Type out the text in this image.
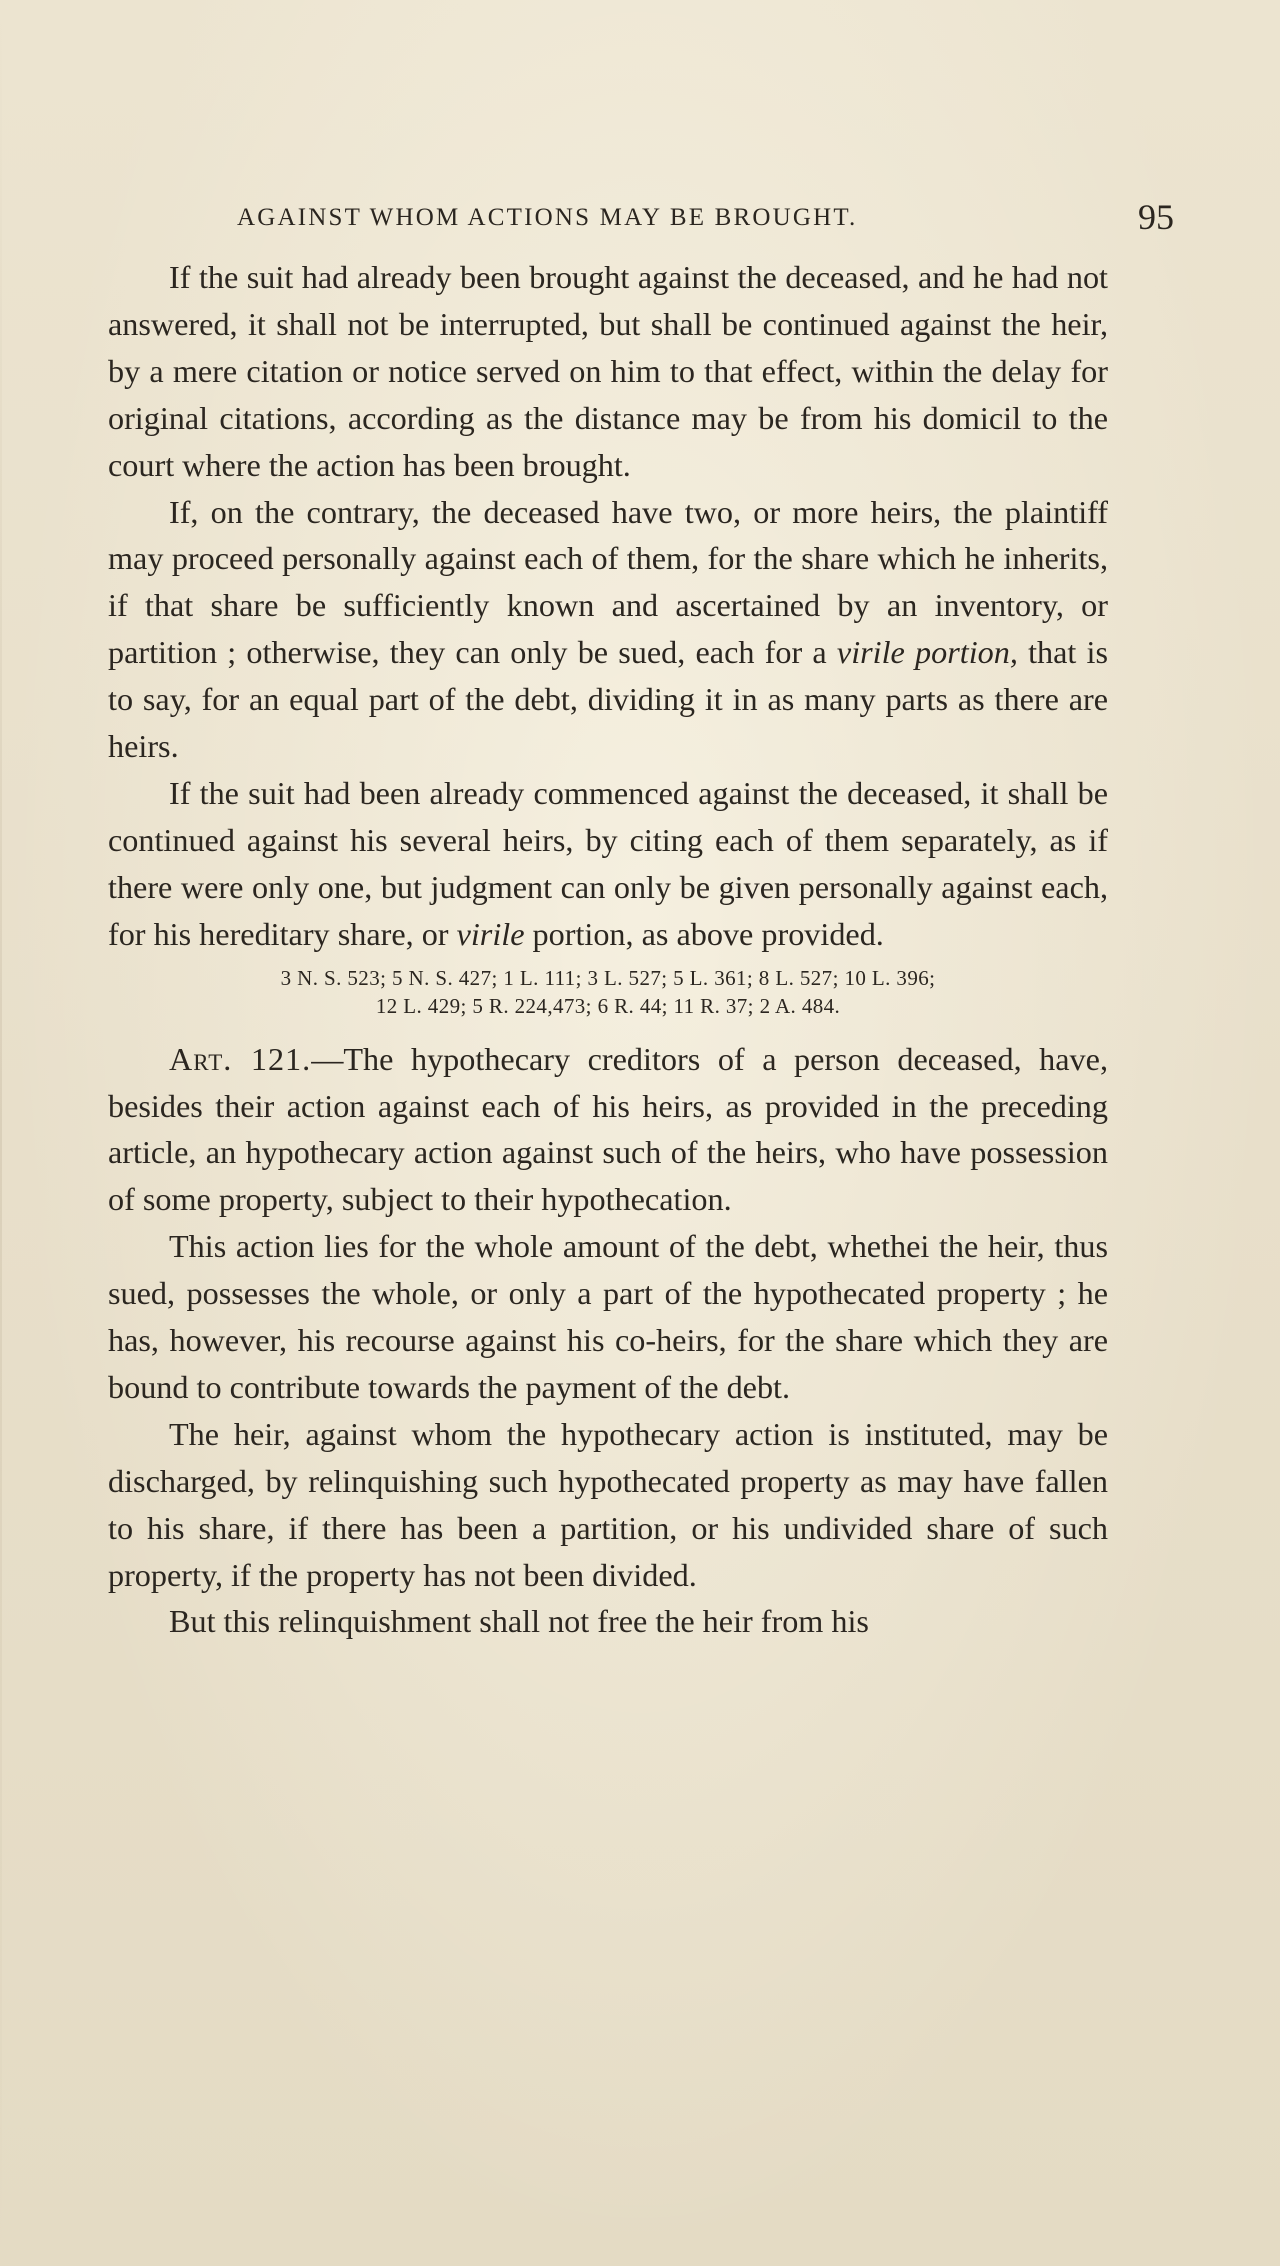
AGAINST WHOM ACTIONS MAY BE BROUGHT.	95

If the suit had already been brought against the deceased, and he had not answered, it shall not be interrupted, but shall be continued against the heir, by a mere citation or notice served on him to that effect, within the delay for original citations, according as the distance may be from his domicil to the court where the action has been brought.

If, on the contrary, the deceased have two, or more heirs, the plaintiff may proceed personally against each of them, for the share which he inherits, if that share be sufficiently known and ascertained by an inventory, or partition ; otherwise, they can only be sued, each for a virile portion, that is to say, for an equal part of the debt, dividing it in as many parts as there are heirs.

If the suit had been already commenced against the deceased, it shall be continued against his several heirs, by citing each of them separately, as if there were only one, but judgment can only be given personally against each, for his hereditary share, or virile portion, as above provided.

3 N. S. 523; 5 N. S. 427; 1 L. 111; 3 L. 527; 5 L. 361; 8 L. 527; 10 L. 396;
12 L. 429; 5 R. 224,473; 6 R. 44; 11 R. 37; 2 A. 484.

Art. 121.—The hypothecary creditors of a person deceased, have, besides their action against each of his heirs, as provided in the preceding article, an hypothecary action against such of the heirs, who have possession of some property, subject to their hypothecation.

This action lies for the whole amount of the debt, whethei the heir, thus sued, possesses the whole, or only a part of the hypothecated property ; he has, however, his recourse against his co-heirs, for the share which they are bound to contribute towards the payment of the debt.

The heir, against whom the hypothecary action is instituted, may be discharged, by relinquishing such hypothecated property as may have fallen to his share, if there has been a partition, or his undivided share of such property, if the property has not been divided.

But this relinquishment shall not free the heir from his
